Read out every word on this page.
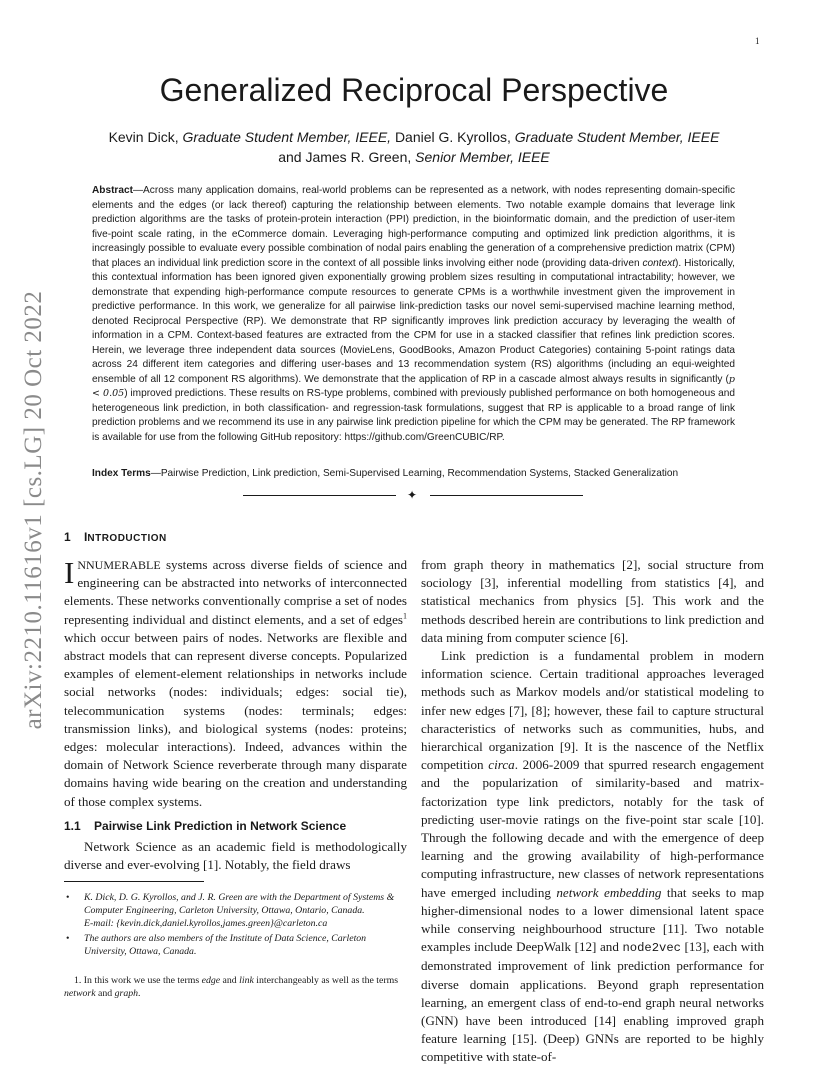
1
arXiv:2210.11616v1 [cs.LG] 20 Oct 2022
Generalized Reciprocal Perspective
Kevin Dick, Graduate Student Member, IEEE, Daniel G. Kyrollos, Graduate Student Member, IEEE
and James R. Green, Senior Member, IEEE

Abstract—Across many application domains, real-world problems can be represented as a network, with nodes representing domain-specific elements and the edges (or lack thereof) capturing the relationship between elements. Two notable example domains that leverage link prediction algorithms are the tasks of protein-protein interaction (PPI) prediction, in the bioinformatic domain, and the prediction of user-item five-point scale rating, in the eCommerce domain. Leveraging high-performance computing and optimized link prediction algorithms, it is increasingly possible to evaluate every possible combination of nodal pairs enabling the generation of a comprehensive prediction matrix (CPM) that places an individual link prediction score in the context of all possible links involving either node (providing data-driven context). Historically, this contextual information has been ignored given exponentially growing problem sizes resulting in computational intractability; however, we demonstrate that expending high-performance compute resources to generate CPMs is a worthwhile investment given the improvement in predictive performance. In this work, we generalize for all pairwise link-prediction tasks our novel semi-supervised machine learning method, denoted Reciprocal Perspective (RP). We demonstrate that RP significantly improves link prediction accuracy by leveraging the wealth of information in a CPM. Context-based features are extracted from the CPM for use in a stacked classifier that refines link prediction scores. Herein, we leverage three independent data sources (MovieLens, GoodBooks, Amazon Product Categories) containing 5-point ratings data across 24 different item categories and differing user-bases and 13 recommendation system (RS) algorithms (including an equi-weighted ensemble of all 12 component RS algorithms). We demonstrate that the application of RP in a cascade almost always results in significantly (p < 0.05) improved predictions. These results on RS-type problems, combined with previously published performance on both homogeneous and heterogeneous link prediction, in both classification- and regression-task formulations, suggest that RP is applicable to a broad range of link prediction problems and we recommend its use in any pairwise link prediction pipeline for which the CPM may be generated. The RP framework is available for use from the following GitHub repository: https://github.com/GreenCUBIC/RP.

Index Terms—Pairwise Prediction, Link prediction, Semi-Supervised Learning, Recommendation Systems, Stacked Generalization
✦
1 INTRODUCTION

INNUMERABLE systems across diverse fields of science and engineering can be abstracted into networks of interconnected elements. These networks conventionally comprise a set of nodes representing individual and distinct elements, and a set of edges$^1$ which occur between pairs of nodes. Networks are flexible and abstract models that can represent diverse concepts. Popularized examples of element-element relationships in networks include social networks (nodes: individuals; edges: social tie), telecommunication systems (nodes: terminals; edges: transmission links), and biological systems (nodes: proteins; edges: molecular interactions). Indeed, advances within the domain of Network Science reverberate through many disparate domains having wide bearing on the creation and understanding of those complex systems.

1.1 Pairwise Link Prediction in Network Science

Network Science as an academic field is methodologically diverse and ever-evolving [1]. Notably, the field draws

• K. Dick, D. G. Kyrollos, and J. R. Green are with the Department of Systems & Computer Engineering, Carleton University, Ottawa, Ontario, Canada.
E-mail: {kevin.dick,daniel.kyrollos,james.green}@carleton.ca
• The authors are also members of the Institute of Data Science, Carleton University, Ottawa, Canada.
1. In this work we use the terms edge and link interchangeably as well as the terms network and graph.

from graph theory in mathematics [2], social structure from sociology [3], inferential modelling from statistics [4], and statistical mechanics from physics [5]. This work and the methods described herein are contributions to link prediction and data mining from computer science [6].

Link prediction is a fundamental problem in modern information science. Certain traditional approaches leveraged methods such as Markov models and/or statistical modeling to infer new edges [7], [8]; however, these fail to capture structural characteristics of networks such as communities, hubs, and hierarchical organization [9]. It is the nascence of the Netflix competition circa. 2006-2009 that spurred research engagement and the popularization of similarity-based and matrix-factorization type link predictors, notably for the task of predicting user-movie ratings on the five-point star scale [10]. Through the following decade and with the emergence of deep learning and the growing availability of high-performance computing infrastructure, new classes of network representations have emerged including network embedding that seeks to map higher-dimensional nodes to a lower dimensional latent space while conserving neighbourhood structure [11]. Two notable examples include DeepWalk [12] and node2vec [13], each with demonstrated improvement of link prediction performance for diverse domain applications. Beyond graph representation learning, an emergent class of end-to-end graph neural networks (GNN) have been introduced [14] enabling improved graph feature learning [15]. (Deep) GNNs are reported to be highly competitive with state-of-
